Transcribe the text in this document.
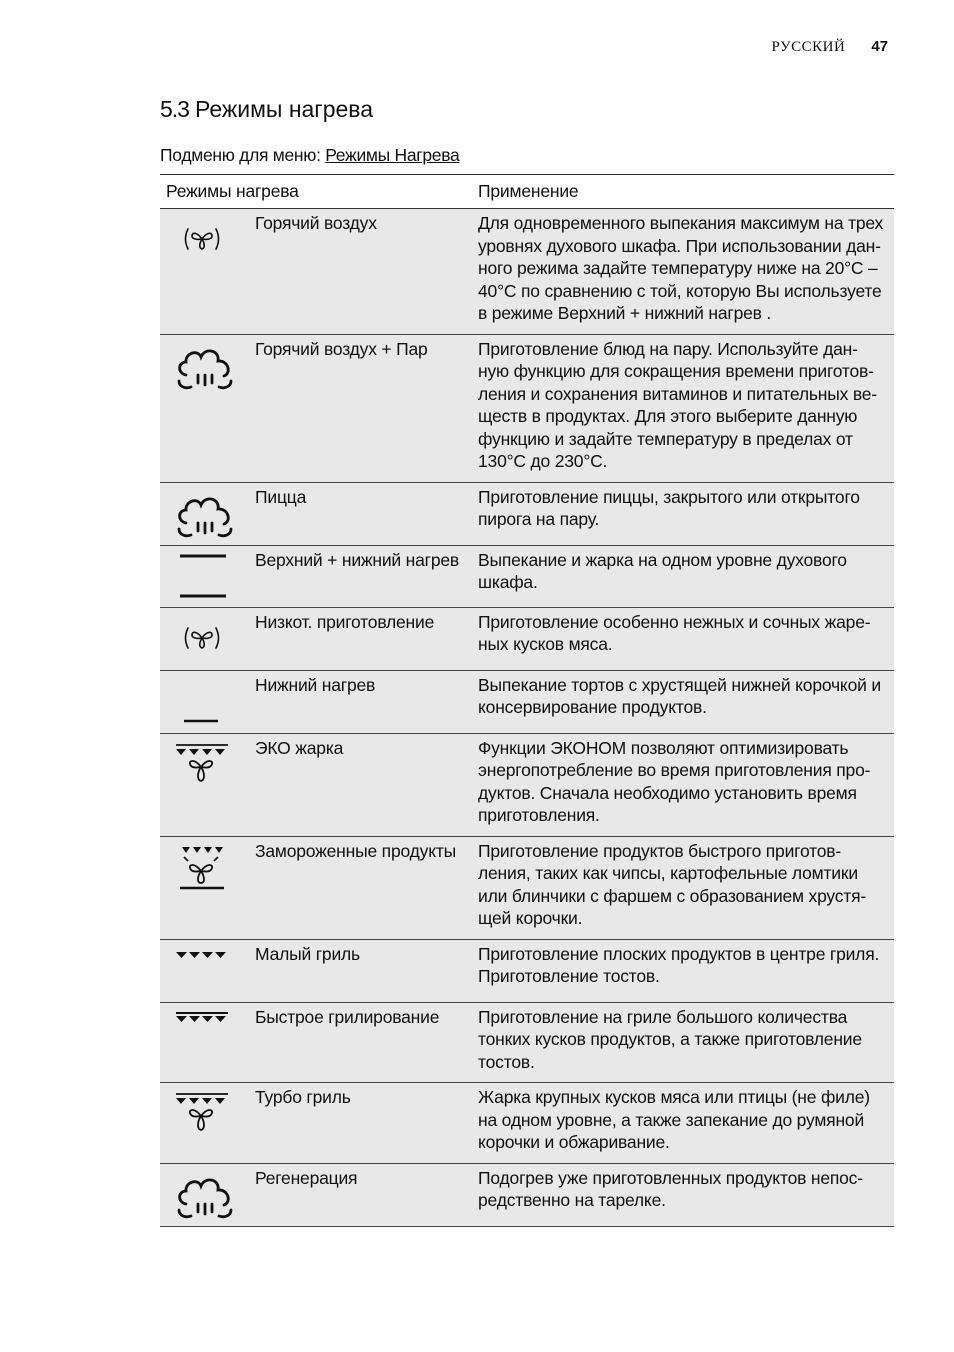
РУССКИЙ 47
5.3 Режимы нагрева
Подменю для меню: Режимы Нагрева
Режимы нагрева		Применение

	Горячий воздух	Для одновременного выпекания максимум на трех уровнях духового шкафа. При использовании дан-ного режима задайте температуру ниже на 20°C – 40°C по сравнению с той, которую Вы используете в режиме Верхний + нижний нагрев .

	Горячий воздух + Пар	Приготовление блюд на пару. Используйте дан-ную функцию для сокращения времени приготов-ления и сохранения витаминов и питательных ве-ществ в продуктах. Для этого выберите данную функцию и задайте температуру в пределах от 130°C до 230°C.

	Пицца	Приготовление пиццы, закрытого или открытого пирога на пару.

	Верхний + нижний нагрев	Выпекание и жарка на одном уровне духового шкафа.

	Низкот. приготовление	Приготовление особенно нежных и сочных жаре-ных кусков мяса.

	Нижний нагрев	Выпекание тортов с хрустящей нижней корочкой и консервирование продуктов.

	ЭКО жарка	Функции ЭКОНОМ позволяют оптимизировать энергопотребление во время приготовления про-дуктов. Сначала необходимо установить время приготовления.

	Замороженные продукты	Приготовление продуктов быстрого приготов-ления, таких как чипсы, картофельные ломтики или блинчики с фаршем с образованием хрустя-щей корочки.

	Малый гриль	Приготовление плоских продуктов в центре гриля. Приготовление тостов.

	Быстрое грилирование	Приготовление на гриле большого количества тонких кусков продуктов, а также приготовление тостов.

	Турбо гриль	Жарка крупных кусков мяса или птицы (не филе) на одном уровне, а также запекание до румяной корочки и обжаривание.

	Регенерация	Подогрев уже приготовленных продуктов непос-редственно на тарелке.
